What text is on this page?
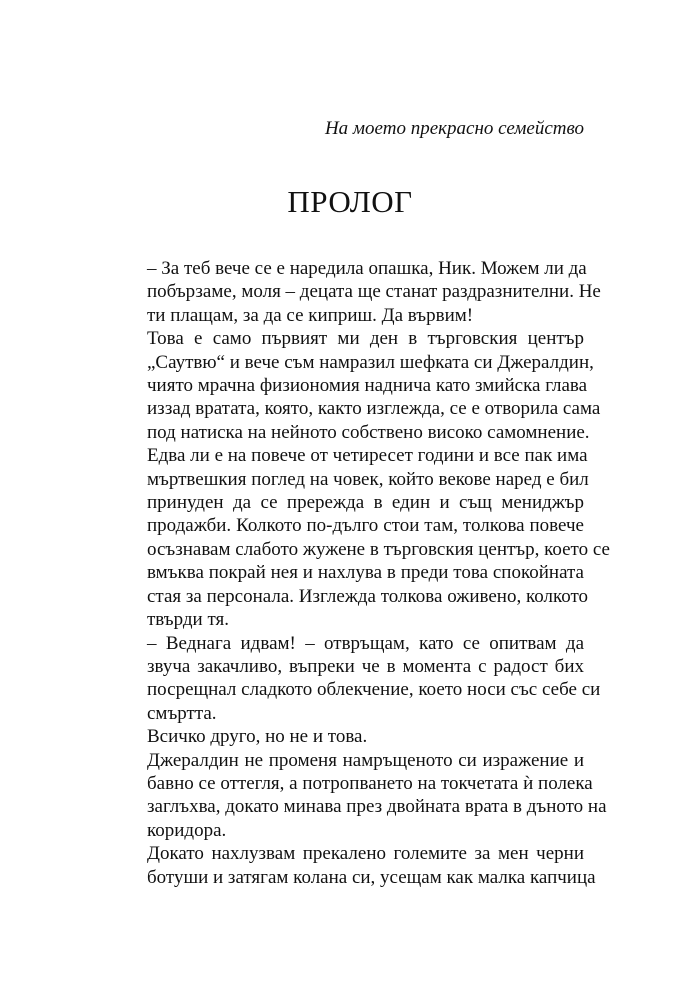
На моето прекрасно семейство
ПРОЛОГ

– За теб вече се е наредила опашка, Ник. Можем ли да
побързаме, моля – децата ще станат раздразнителни. Не
ти плащам, за да се киприш. Да вървим!

Това е само първият ми ден в търговския център
„Саутвю“ и вече съм намразил шефката си Джералдин,
чиято мрачна физиономия надничa като змийска глава
иззад вратата, която, както изглежда, се е отворила сама
под натиска на нейното собствено високо самомнение.
Едва ли е на повече от четиресет години и все пак има
мъртвешкия поглед на човек, който векове наред е бил
принуден да се прережда в един и същ мениджър
продажби. Колкото по-дълго стои там, толкова повече
осъзнавам слабото жужене в търговския център, което се
вмъква покрай нея и нахлува в преди това спокойната
стая за персонала. Изглежда толкова оживено, колкото
твърди тя.

– Веднага идвам! – отвръщам, като се опитвам да
звуча закачливо, въпреки че в момента с радост бих
посрещнал сладкото облекчение, което носи със себе си
смъртта.

Всичко друго, но не и това.

Джералдин не променя намръщеното си изражение и
бавно се оттегля, а потропването на токчетата ѝ полека
заглъхва, докато минава през двойната врата в дъното на
коридора.

Докато нахлузвам прекалено големите за мен черни
ботуши и затягам колана си, усещам как малка капчица
